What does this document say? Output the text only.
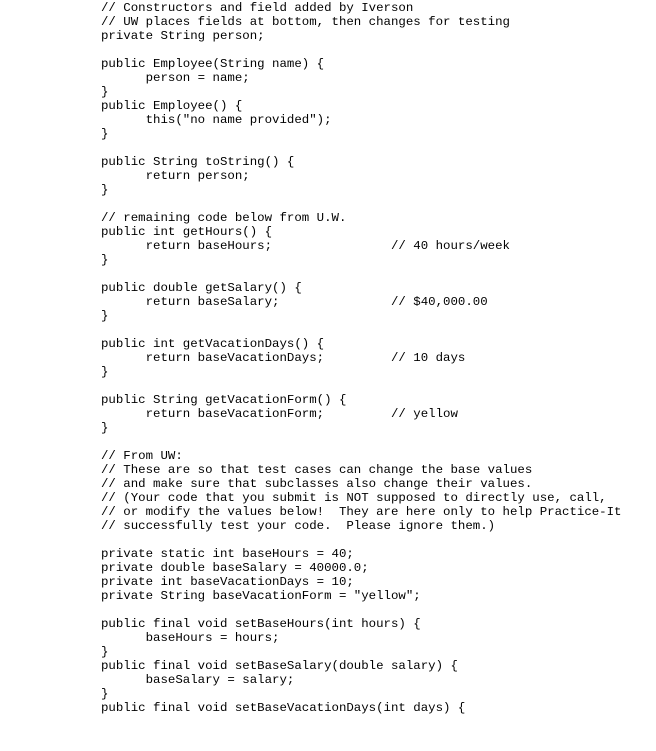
// Constructors and field added by Iverson
// UW places fields at bottom, then changes for testing
private String person;
public Employee(String name) {
person = name;
}
public Employee() {
this("no name provided");
}
public String toString() {
return person;
}
// remaining code below from U.W.
public int getHours() {
return baseHours;                // 40 hours/week
}
public double getSalary() {
return baseSalary;               // $40,000.00
}
public int getVacationDays() {
return baseVacationDays;         // 10 days
}
public String getVacationForm() {
return baseVacationForm;         // yellow
}
// From UW:
// These are so that test cases can change the base values
// and make sure that subclasses also change their values.
// (Your code that you submit is NOT supposed to directly use, call,
// or modify the values below!  They are here only to help Practice-It
// successfully test your code.  Please ignore them.)
private static int baseHours = 40;
private double baseSalary = 40000.0;
private int baseVacationDays = 10;
private String baseVacationForm = "yellow";
public final void setBaseHours(int hours) {
baseHours = hours;
}
public final void setBaseSalary(double salary) {
baseSalary = salary;
}
public final void setBaseVacationDays(int days) {
